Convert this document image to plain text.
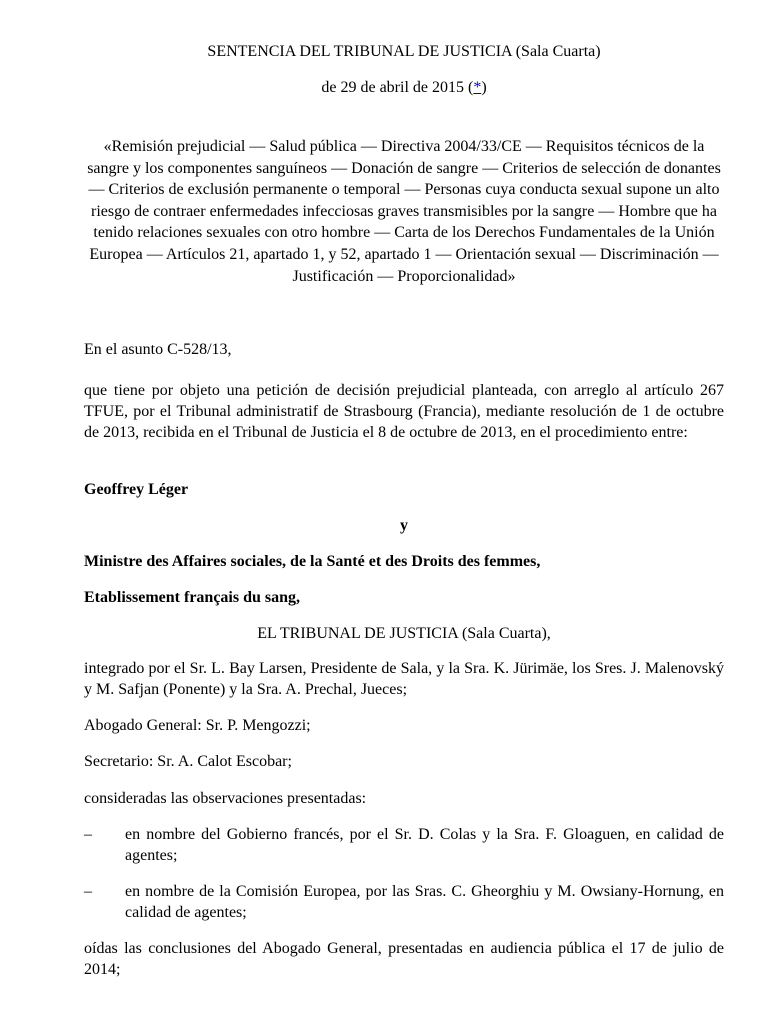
SENTENCIA DEL TRIBUNAL DE JUSTICIA (Sala Cuarta)
de 29 de abril de 2015 (*)
«Remisión prejudicial — Salud pública — Directiva 2004/33/CE — Requisitos técnicos de la sangre y los componentes sanguíneos — Donación de sangre — Criterios de selección de donantes — Criterios de exclusión permanente o temporal — Personas cuya conducta sexual supone un alto riesgo de contraer enfermedades infecciosas graves transmisibles por la sangre — Hombre que ha tenido relaciones sexuales con otro hombre — Carta de los Derechos Fundamentales de la Unión Europea — Artículos 21, apartado 1, y 52, apartado 1 — Orientación sexual — Discriminación — Justificación — Proporcionalidad»
En el asunto C-528/13,
que tiene por objeto una petición de decisión prejudicial planteada, con arreglo al artículo 267 TFUE, por el Tribunal administratif de Strasbourg (Francia), mediante resolución de 1 de octubre de 2013, recibida en el Tribunal de Justicia el 8 de octubre de 2013, en el procedimiento entre:
Geoffrey Léger
y
Ministre des Affaires sociales, de la Santé et des Droits des femmes,
Etablissement français du sang,
EL TRIBUNAL DE JUSTICIA (Sala Cuarta),
integrado por el Sr. L. Bay Larsen, Presidente de Sala, y la Sra. K. Jürimäe, los Sres. J. Malenovský y M. Safjan (Ponente) y la Sra. A. Prechal, Jueces;
Abogado General: Sr. P. Mengozzi;
Secretario: Sr. A. Calot Escobar;
consideradas las observaciones presentadas:
–	en nombre del Gobierno francés, por el Sr. D. Colas y la Sra. F. Gloaguen, en calidad de agentes;
–	en nombre de la Comisión Europea, por las Sras. C. Gheorghiu y M. Owsiany-Hornung, en calidad de agentes;
oídas las conclusiones del Abogado General, presentadas en audiencia pública el 17 de julio de 2014;
